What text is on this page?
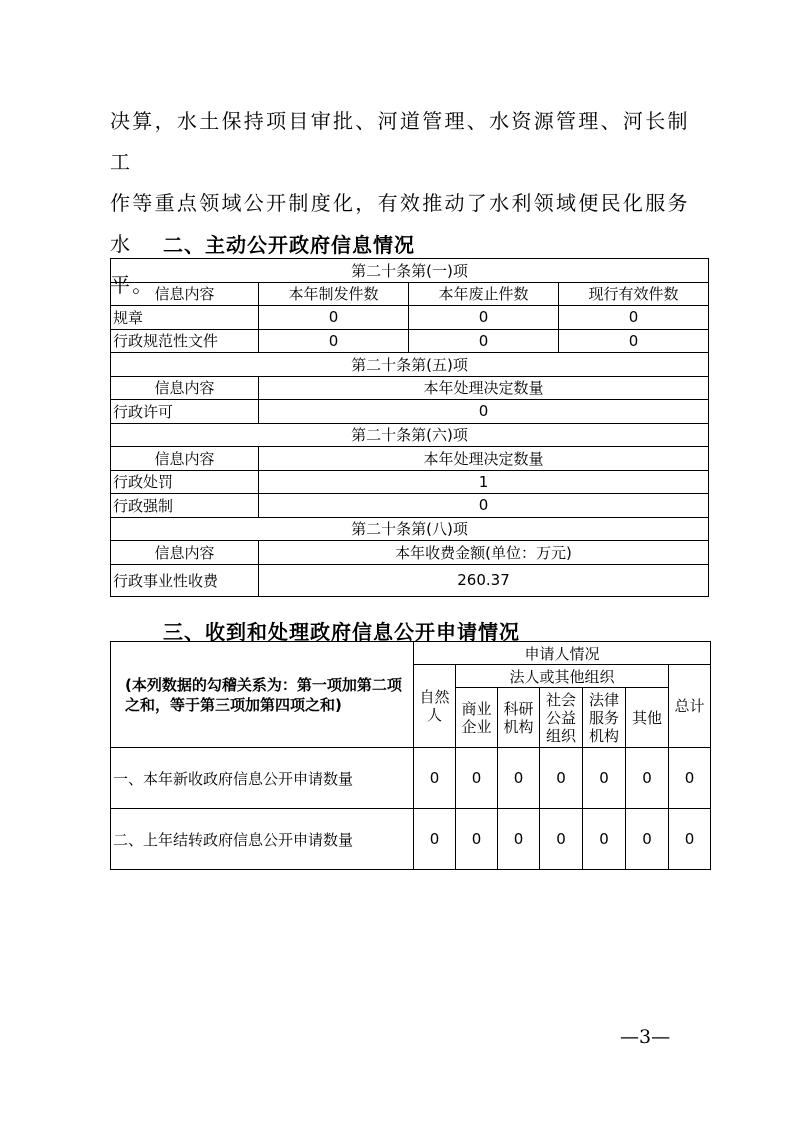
决算，水土保持项目审批、河道管理、水资源管理、河长制工
作等重点领域公开制度化，有效推动了水利领域便民化服务水
平。
二、主动公开政府信息情况
第二十条第(一)项			
信息内容	本年制发件数	本年废止件数	现行有效件数
规章	0	0	0
行政规范性文件	0	0	0
第二十条第(五)项			
信息内容	本年处理决定数量		
行政许可	0		
第二十条第(六)项			
信息内容	本年处理决定数量		
行政处罚	1		
行政强制	0		
第二十条第(八)项			
信息内容	本年收费金额(单位：万元)		
行政事业性收费	260.37		
三、收到和处理政府信息公开申请情况
(本列数据的勾稽关系为：第一项加第二项之和，等于第三项加第四项之和)	申请人情况						
	自然人	法人或其他组织					总计
		商业企业	科研机构	社会公益组织	法律服务机构	其他	
一、本年新收政府信息公开申请数量	0	0	0	0	0	0	0
二、上年结转政府信息公开申请数量	0	0	0	0	0	0	0
—3—
